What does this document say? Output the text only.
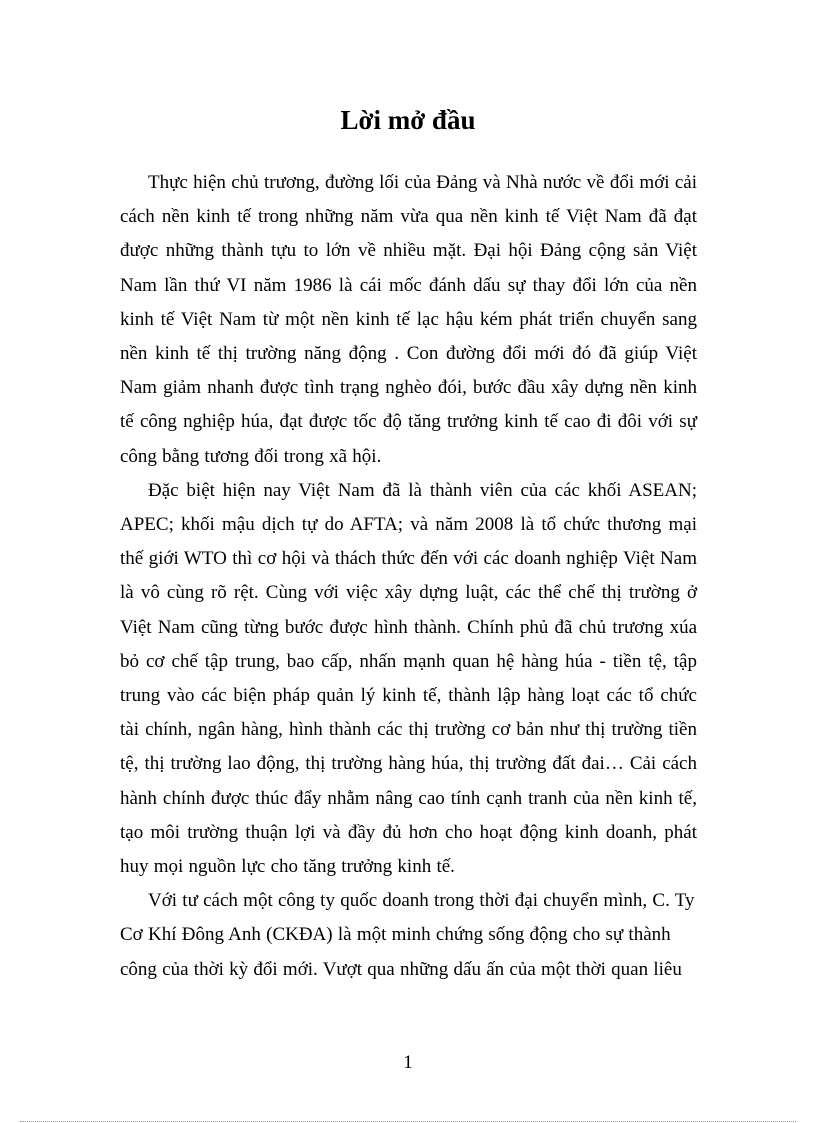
Lời mở đầu

Thực hiện chủ trương, đường lối của Đảng và Nhà nước về đổi mới cải cách nền kinh tế trong những năm vừa qua nền kinh tế Việt Nam đã đạt được những thành tựu to lớn về nhiều mặt. Đại hội Đảng cộng sản Việt Nam lần thứ VI năm 1986 là cái mốc đánh dấu sự thay đổi lớn của nền kinh tế Việt Nam từ một nền kinh tế lạc hậu kém phát triển chuyển sang nền kinh tế thị trường năng động . Con đường đổi mới đó đã giúp Việt Nam giảm nhanh được tình trạng nghèo đói, bước đầu xây dựng nền kinh tế công nghiệp húa, đạt được tốc độ tăng trưởng kinh tế cao đi đôi với sự công bằng tương đối trong xã hội.

Đặc biệt hiện nay Việt Nam đã là thành viên của các khối ASEAN; APEC; khối mậu dịch tự do AFTA; và năm 2008 là tổ chức thương mại thế giới WTO thì cơ hội và thách thức đến với các doanh nghiệp Việt Nam là vô cùng rõ rệt. Cùng với việc xây dựng luật, các thể chế thị trường ở Việt Nam cũng từng bước được hình thành. Chính phủ đã chủ trương xúa bỏ cơ chế tập trung, bao cấp, nhấn mạnh quan hệ hàng húa - tiền tệ, tập trung vào các biện pháp quản lý kinh tế, thành lập hàng loạt các tổ chức tài chính, ngân hàng, hình thành các thị trường cơ bản như thị trường tiền tệ, thị trường lao động, thị trường hàng húa, thị trường đất đai… Cải cách hành chính được thúc đẩy nhằm nâng cao tính cạnh tranh của nền kinh tế, tạo môi trường thuận lợi và đầy đủ hơn cho hoạt động kinh doanh, phát huy mọi nguồn lực cho tăng trưởng kinh tế.

Với tư cách một công ty quốc doanh trong thời đại chuyển mình, C. Ty Cơ Khí Đông Anh (CKĐA) là một minh chứng sống động cho sự thành công của thời kỳ đổi mới. Vượt qua những dấu ấn của một thời quan liêu

1
